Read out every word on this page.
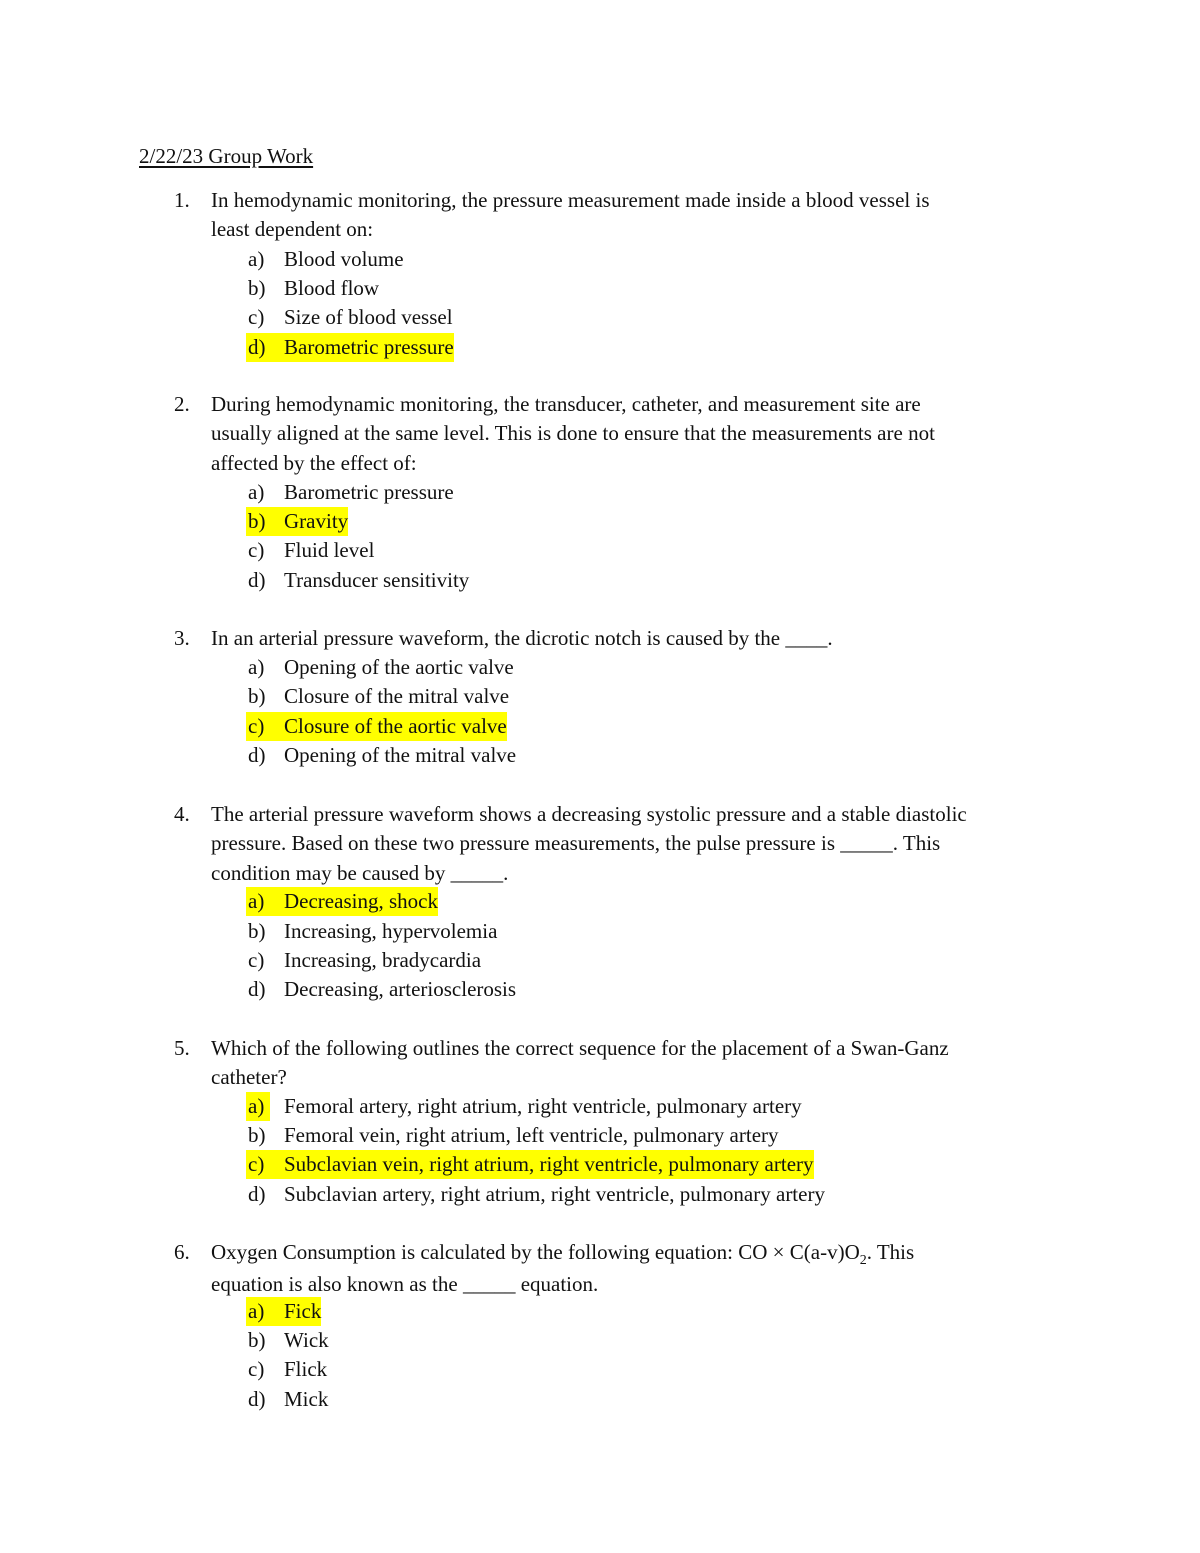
2/22/23 Group Work
1. In hemodynamic monitoring, the pressure measurement made inside a blood vessel is
least dependent on:
a) Blood volume
b) Blood flow
c) Size of blood vessel
d) Barometric pressure
2. During hemodynamic monitoring, the transducer, catheter, and measurement site are
usually aligned at the same level. This is done to ensure that the measurements are not
affected by the effect of:
a) Barometric pressure
b) Gravity
c) Fluid level
d) Transducer sensitivity
3. In an arterial pressure waveform, the dicrotic notch is caused by the ____.
a) Opening of the aortic valve
b) Closure of the mitral valve
c) Closure of the aortic valve
d) Opening of the mitral valve
4. The arterial pressure waveform shows a decreasing systolic pressure and a stable diastolic
pressure. Based on these two pressure measurements, the pulse pressure is _____. This
condition may be caused by _____.
a) Decreasing, shock
b) Increasing, hypervolemia
c) Increasing, bradycardia
d) Decreasing, arteriosclerosis
5. Which of the following outlines the correct sequence for the placement of a Swan-Ganz
catheter?
a) Femoral artery, right atrium, right ventricle, pulmonary artery
b) Femoral vein, right atrium, left ventricle, pulmonary artery
c) Subclavian vein, right atrium, right ventricle, pulmonary artery
d) Subclavian artery, right atrium, right ventricle, pulmonary artery
6. Oxygen Consumption is calculated by the following equation: CO × $C(a-v)O_2$. This
equation is also known as the _____ equation.
a) Fick
b) Wick
c) Flick
d) Mick
